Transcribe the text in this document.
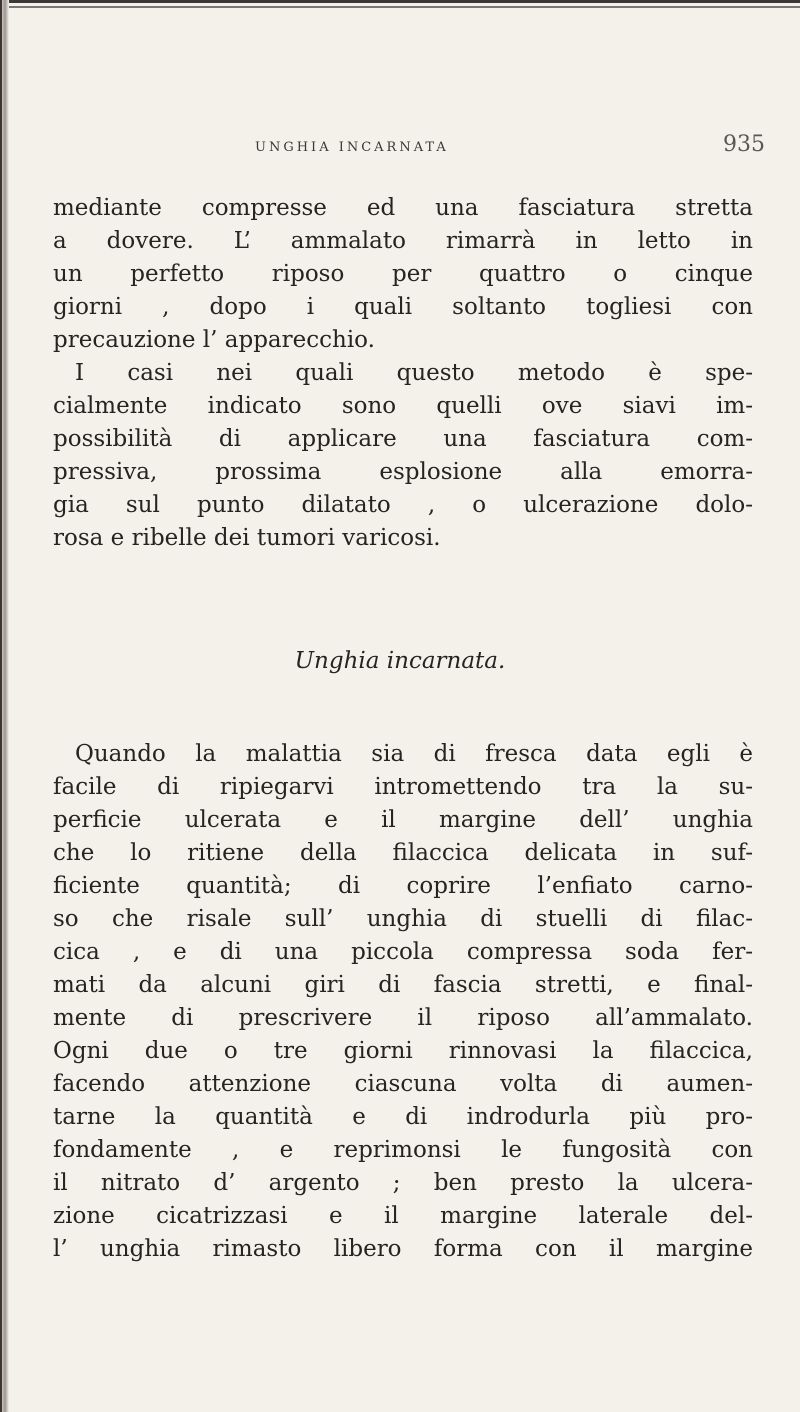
UNGHIA INCARNATA	935
mediante compresse ed una fasciatura stretta
a dovere. L’ ammalato rimarrà in letto in
un perfetto riposo per quattro o cinque
giorni , dopo i quali soltanto togliesi con
precauzione l’ apparecchio.
I casi nei quali questo metodo è spe-
cialmente indicato sono quelli ove siavi im-
possibilità di applicare una fasciatura com-
pressiva, prossima esplosione alla emorra-
gia sul punto dilatato , o ulcerazione dolo-
rosa e ribelle dei tumori varicosi.
Unghia incarnata.
Quando la malattia sia di fresca data egli è
facile di ripiegarvi intromettendo tra la su-
perficie ulcerata e il margine dell’ unghia
che lo ritiene della filaccica delicata in suf-
ficiente quantità; di coprire l’enfiato carno-
so che risale sull’ unghia di stuelli di filac-
cica , e di una piccola compressa soda fer-
mati da alcuni giri di fascia stretti, e final-
mente di prescrivere il riposo all’ammalato.
Ogni due o tre giorni rinnovasi la filaccica,
facendo attenzione ciascuna volta di aumen-
tarne la quantità e di indrodurla più pro-
fondamente , e reprimonsi le fungosità con
il nitrato d’ argento ; ben presto la ulcera-
zione cicatrizzasi e il margine laterale del-
l’ unghia rimasto libero forma con il margine
